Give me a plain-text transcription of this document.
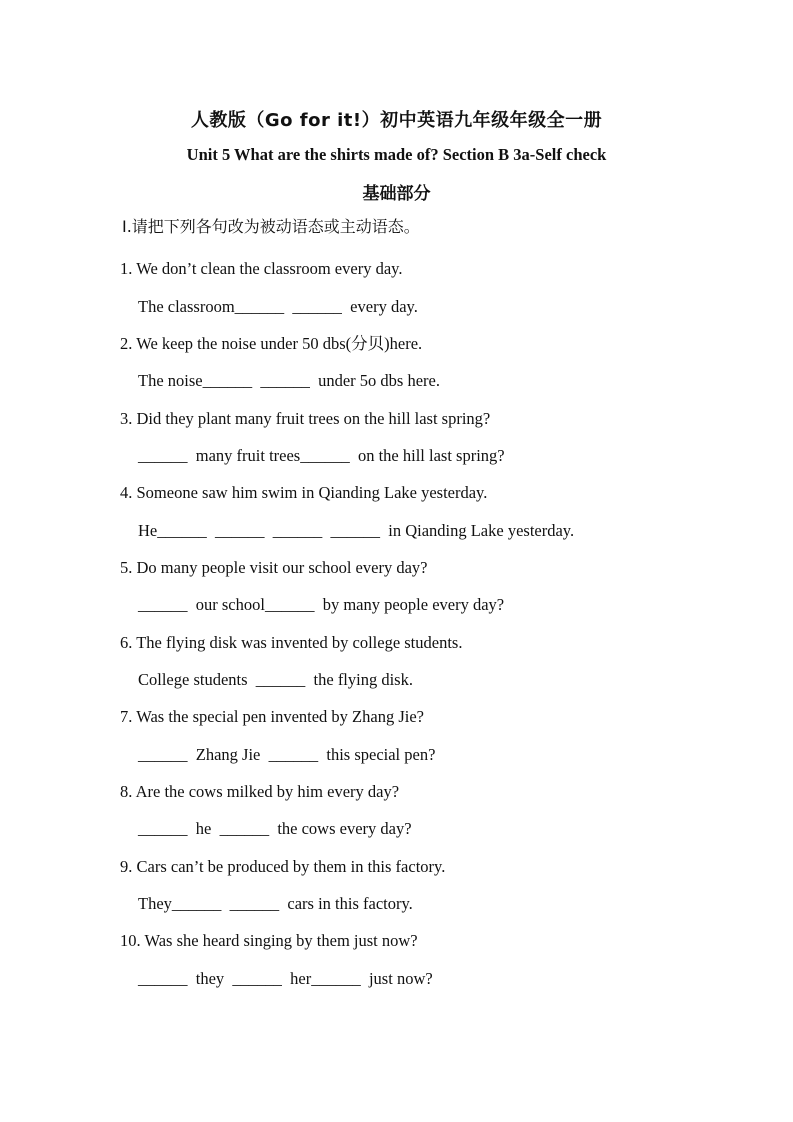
人教版（Go for it!）初中英语九年级年级全一册
Unit 5 What are the shirts made of? Section B 3a-Self check
基础部分
Ⅰ.请把下列各句改为被动语态或主动语态。
1. We don’t clean the classroom every day.
The classroom______  ______  every day.
2. We keep the noise under 50 dbs(分贝)here.
The noise______  ______  under 5o dbs here.
3. Did they plant many fruit trees on the hill last spring?
______  many fruit trees______  on the hill last spring?
4. Someone saw him swim in Qianding Lake yesterday.
He______  ______  ______  ______  in Qianding Lake yesterday.
5. Do many people visit our school every day?
______  our school______  by many people every day?
6. The flying disk was invented by college students.
College students  ______  the flying disk.
7. Was the special pen invented by Zhang Jie?
______  Zhang Jie  ______  this special pen?
8. Are the cows milked by him every day?
______  he  ______  the cows every day?
9. Cars can’t be produced by them in this factory.
They______  ______  cars in this factory.
10. Was she heard singing by them just now?
______  they  ______  her______  just now?
